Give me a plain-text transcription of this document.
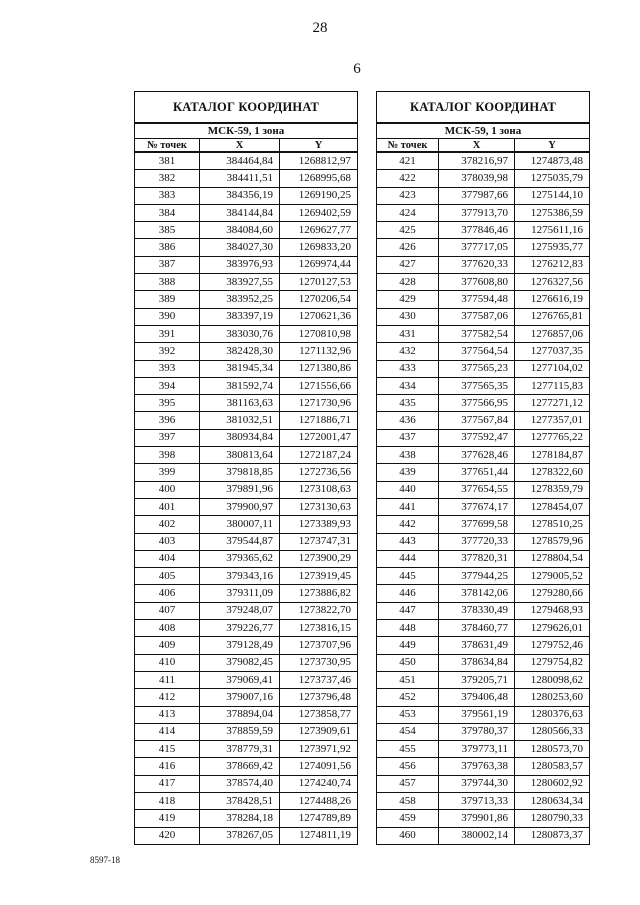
28
6
КАТАЛОГ КООРДИНАТ		
МСК-59, 1 зона		
№ точек	X	Y
381	384464,84	1268812,97
382	384411,51	1268995,68
383	384356,19	1269190,25
384	384144,84	1269402,59
385	384084,60	1269627,77
386	384027,30	1269833,20
387	383976,93	1269974,44
388	383927,55	1270127,53
389	383952,25	1270206,54
390	383397,19	1270621,36
391	383030,76	1270810,98
392	382428,30	1271132,96
393	381945,34	1271380,86
394	381592,74	1271556,66
395	381163,63	1271730,96
396	381032,51	1271886,71
397	380934,84	1272001,47
398	380813,64	1272187,24
399	379818,85	1272736,56
400	379891,96	1273108,63
401	379900,97	1273130,63
402	380007,11	1273389,93
403	379544,87	1273747,31
404	379365,62	1273900,29
405	379343,16	1273919,45
406	379311,09	1273886,82
407	379248,07	1273822,70
408	379226,77	1273816,15
409	379128,49	1273707,96
410	379082,45	1273730,95
411	379069,41	1273737,46
412	379007,16	1273796,48
413	378894,04	1273858,77
414	378859,59	1273909,61
415	378779,31	1273971,92
416	378669,42	1274091,56
417	378574,40	1274240,74
418	378428,51	1274488,26
419	378284,18	1274789,89
420	378267,05	1274811,19
КАТАЛОГ КООРДИНАТ		
МСК-59, 1 зона		
№ точек	X	Y
421	378216,97	1274873,48
422	378039,98	1275035,79
423	377987,66	1275144,10
424	377913,70	1275386,59
425	377846,46	1275611,16
426	377717,05	1275935,77
427	377620,33	1276212,83
428	377608,80	1276327,56
429	377594,48	1276616,19
430	377587,06	1276765,81
431	377582,54	1276857,06
432	377564,54	1277037,35
433	377565,23	1277104,02
434	377565,35	1277115,83
435	377566,95	1277271,12
436	377567,84	1277357,01
437	377592,47	1277765,22
438	377628,46	1278184,87
439	377651,44	1278322,60
440	377654,55	1278359,79
441	377674,17	1278454,07
442	377699,58	1278510,25
443	377720,33	1278579,96
444	377820,31	1278804,54
445	377944,25	1279005,52
446	378142,06	1279280,66
447	378330,49	1279468,93
448	378460,77	1279626,01
449	378631,49	1279752,46
450	378634,84	1279754,82
451	379205,71	1280098,62
452	379406,48	1280253,60
453	379561,19	1280376,63
454	379780,37	1280566,33
455	379773,11	1280573,70
456	379763,38	1280583,57
457	379744,30	1280602,92
458	379713,33	1280634,34
459	379901,86	1280790,33
460	380002,14	1280873,37
8597-18
